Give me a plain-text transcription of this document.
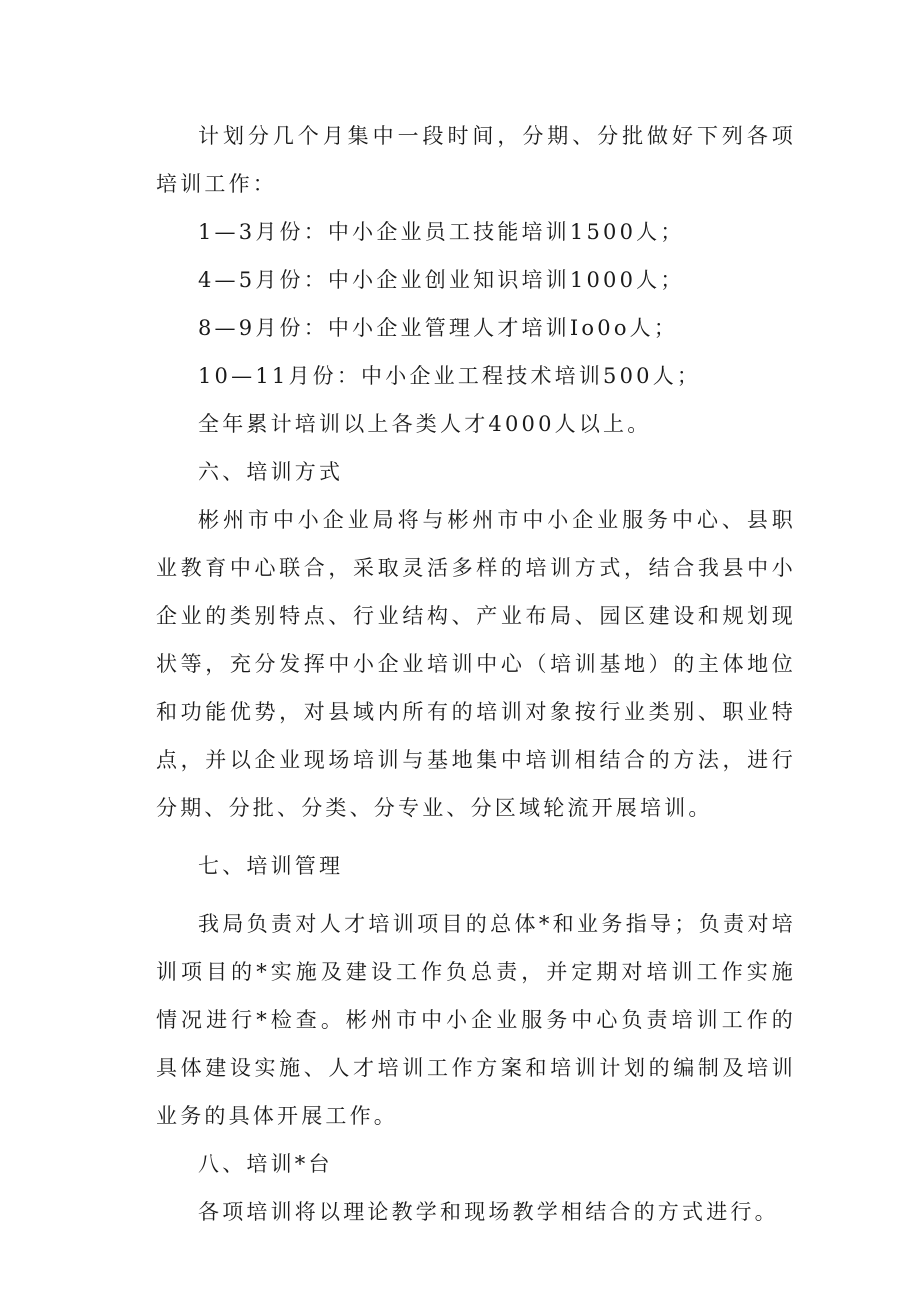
计划分几个月集中一段时间，分期、分批做好下列各项培训工作：

1—3月份：中小企业员工技能培训1500人；

4—5月份：中小企业创业知识培训1000人；

8—9月份：中小企业管理人才培训Io0o人；

10—11月份：中小企业工程技术培训500人；

全年累计培训以上各类人才4000人以上。

六、培训方式

彬州市中小企业局将与彬州市中小企业服务中心、县职业教育中心联合，采取灵活多样的培训方式，结合我县中小企业的类别特点、行业结构、产业布局、园区建设和规划现状等，充分发挥中小企业培训中心（培训基地）的主体地位和功能优势，对县域内所有的培训对象按行业类别、职业特点，并以企业现场培训与基地集中培训相结合的方法，进行分期、分批、分类、分专业、分区域轮流开展培训。

七、培训管理

我局负责对人才培训项目的总体*和业务指导；负责对培训项目的*实施及建设工作负总责，并定期对培训工作实施情况进行*检查。彬州市中小企业服务中心负责培训工作的具体建设实施、人才培训工作方案和培训计划的编制及培训业务的具体开展工作。

八、培训*台

各项培训将以理论教学和现场教学相结合的方式进行。
